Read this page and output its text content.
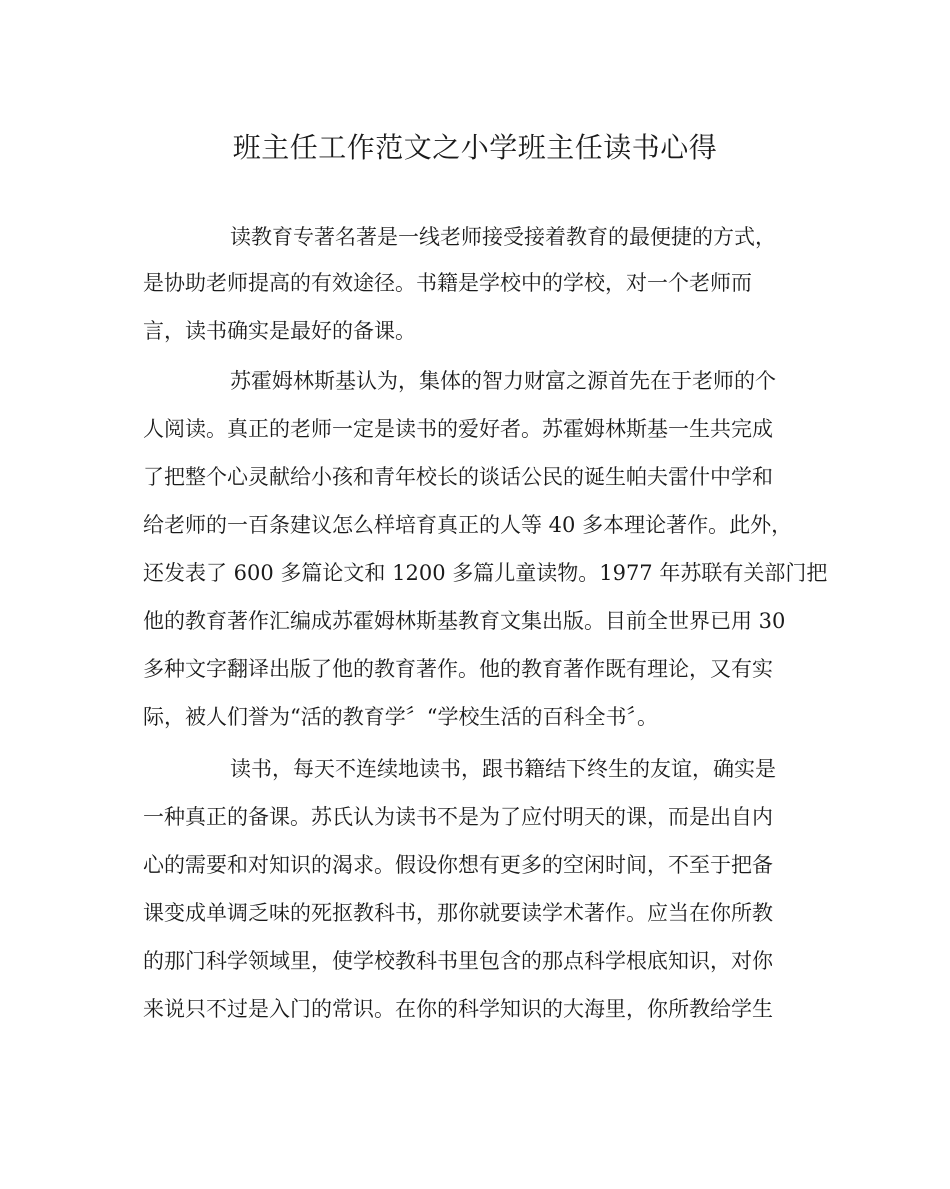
班主任工作范文之小学班主任读书心得

读教育专著名著是一线老师接受接着教育的最便捷的方式，

是协助老师提高的有效途径。书籍是学校中的学校，对一个老师而

言，读书确实是最好的备课。

苏霍姆林斯基认为，集体的智力财富之源首先在于老师的个

人阅读。真正的老师一定是读书的爱好者。苏霍姆林斯基一生共完成

了把整个心灵献给小孩和青年校长的谈话公民的诞生帕夫雷什中学和

给老师的一百条建议怎么样培育真正的人等 40 多本理论著作。此外，

还发表了 600 多篇论文和 1200 多篇儿童读物。1977 年苏联有关部门把

他的教育著作汇编成苏霍姆林斯基教育文集出版。目前全世界已用 30

多种文字翻译出版了他的教育著作。他的教育著作既有理论，又有实

际，被人们誉为“活的教育学〞“学校生活的百科全书〞。

读书，每天不连续地读书，跟书籍结下终生的友谊，确实是

一种真正的备课。苏氏认为读书不是为了应付明天的课，而是出自内

心的需要和对知识的渴求。假设你想有更多的空闲时间，不至于把备

课变成单调乏味的死抠教科书，那你就要读学术著作。应当在你所教

的那门科学领域里，使学校教科书里包含的那点科学根底知识，对你

来说只不过是入门的常识。在你的科学知识的大海里，你所教给学生
